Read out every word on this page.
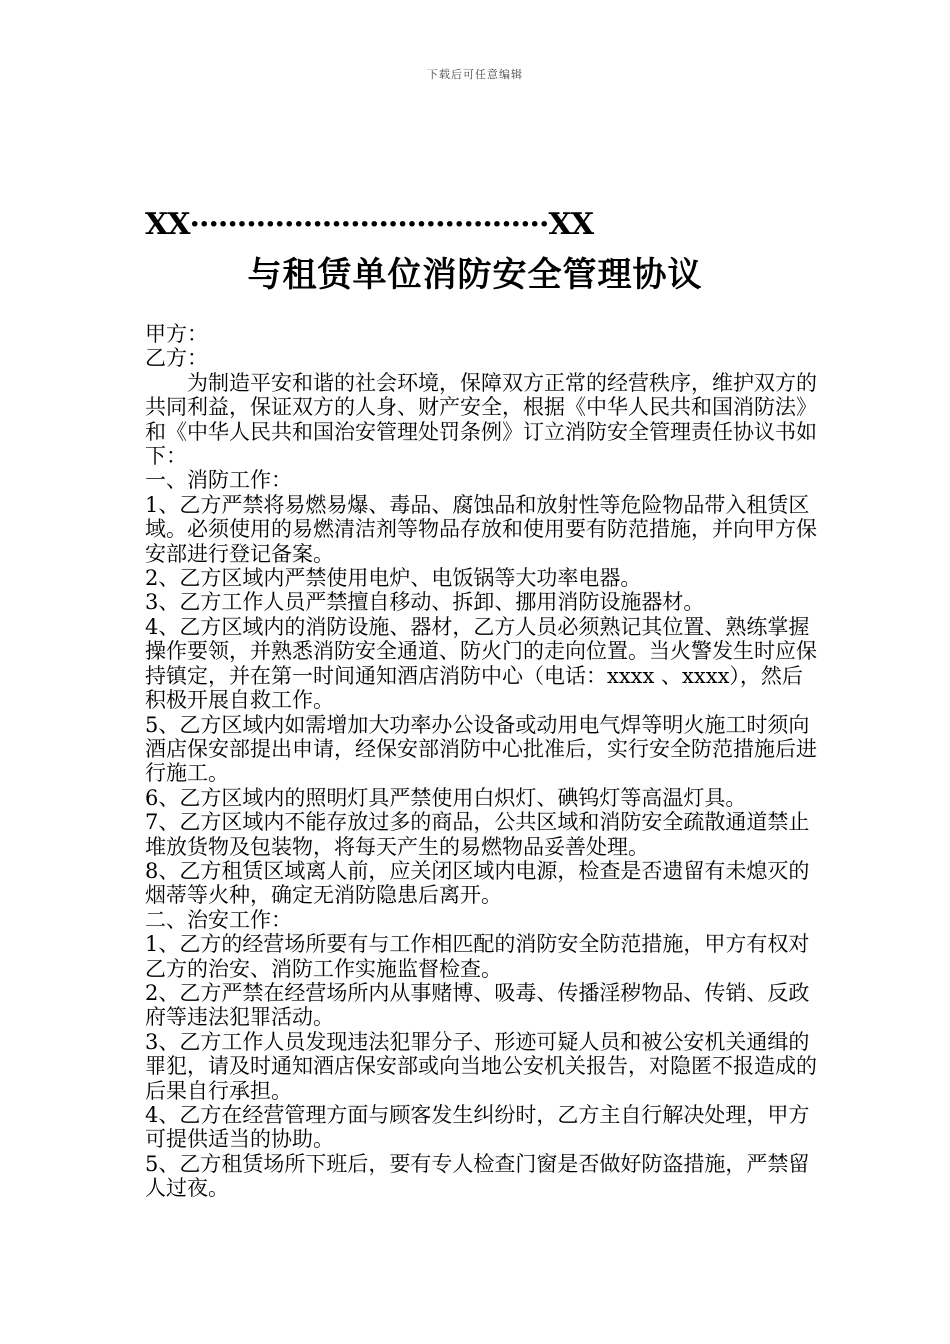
下载后可任意编辑
XX······································XX
与租赁单位消防安全管理协议

甲方：

乙方：

为制造平安和谐的社会环境，保障双方正常的经营秩序，维护双方的共同利益，保证双方的人身、财产安全，根据《中华人民共和国消防法》和《中华人民共和国治安管理处罚条例》订立消防安全管理责任协议书如下：

一、消防工作：

1、乙方严禁将易燃易爆、毒品、腐蚀品和放射性等危险物品带入租赁区域。必须使用的易燃清洁剂等物品存放和使用要有防范措施，并向甲方保安部进行登记备案。

2、乙方区域内严禁使用电炉、电饭锅等大功率电器。

3、乙方工作人员严禁擅自移动、拆卸、挪用消防设施器材。

4、乙方区域内的消防设施、器材，乙方人员必须熟记其位置、熟练掌握操作要领，并熟悉消防安全通道、防火门的走向位置。当火警发生时应保持镇定，并在第一时间通知酒店消防中心（电话：xxxx 、xxxx），然后积极开展自救工作。

5、乙方区域内如需增加大功率办公设备或动用电气焊等明火施工时须向酒店保安部提出申请，经保安部消防中心批准后，实行安全防范措施后进行施工。

6、乙方区域内的照明灯具严禁使用白炽灯、碘钨灯等高温灯具。

7、乙方区域内不能存放过多的商品，公共区域和消防安全疏散通道禁止堆放货物及包装物，将每天产生的易燃物品妥善处理。

8、乙方租赁区域离人前，应关闭区域内电源，检查是否遗留有未熄灭的烟蒂等火种，确定无消防隐患后离开。

二、治安工作：

1、乙方的经营场所要有与工作相匹配的消防安全防范措施，甲方有权对乙方的治安、消防工作实施监督检查。

2、乙方严禁在经营场所内从事赌博、吸毒、传播淫秽物品、传销、反政府等违法犯罪活动。

3、乙方工作人员发现违法犯罪分子、形迹可疑人员和被公安机关通缉的罪犯，请及时通知酒店保安部或向当地公安机关报告，对隐匿不报造成的后果自行承担。

4、乙方在经营管理方面与顾客发生纠纷时，乙方主自行解决处理，甲方可提供适当的协助。

5、乙方租赁场所下班后，要有专人检查门窗是否做好防盗措施，严禁留人过夜。
